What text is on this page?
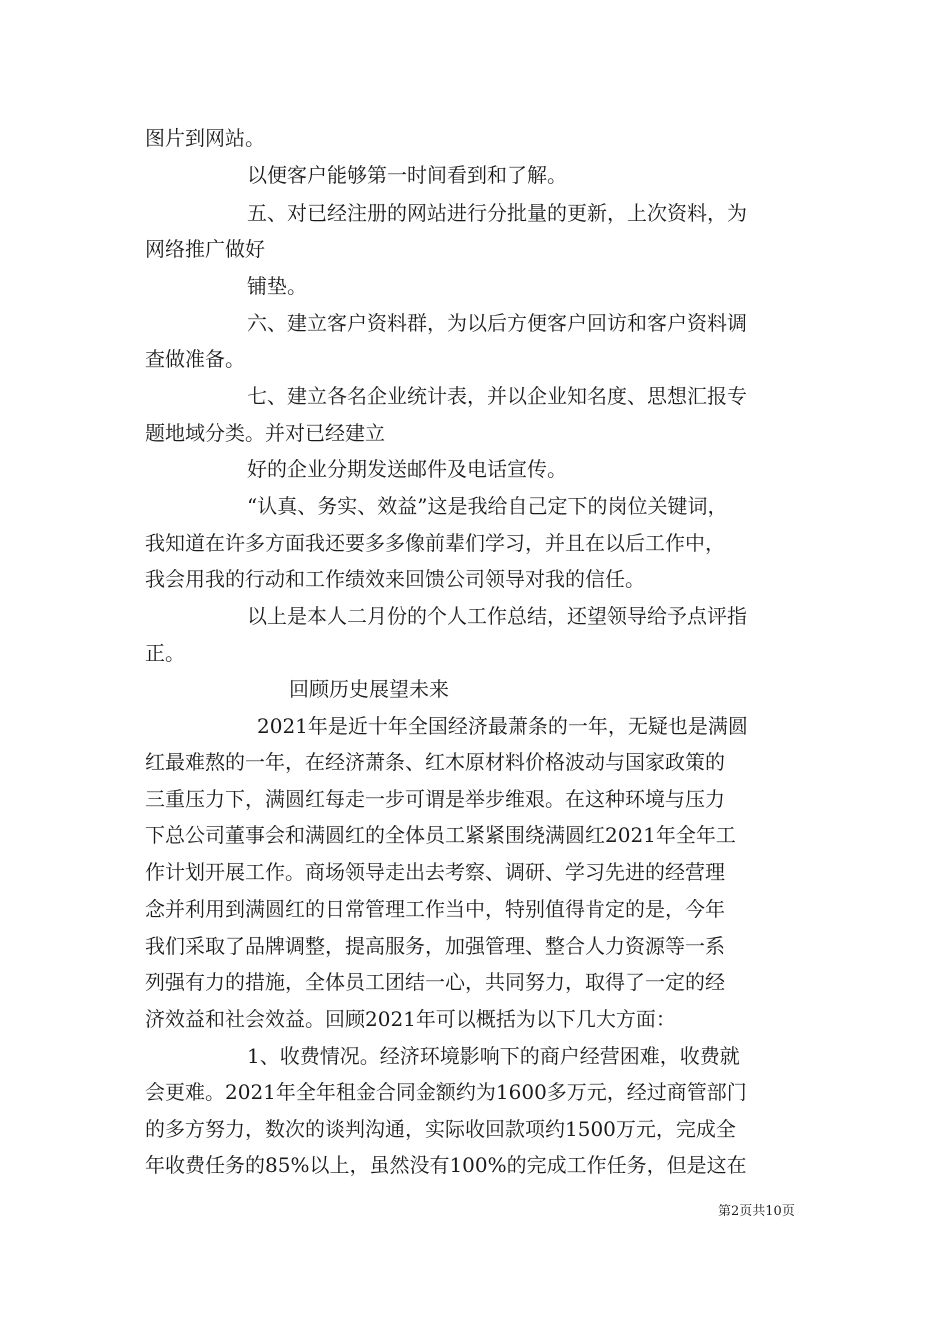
图片到网站。
以便客户能够第一时间看到和了解。
五、对已经注册的网站进行分批量的更新，上次资料，为
网络推广做好
铺垫。
六、建立客户资料群，为以后方便客户回访和客户资料调
查做准备。
七、建立各名企业统计表，并以企业知名度、思想汇报专
题地域分类。并对已经建立
好的企业分期发送邮件及电话宣传。
“认真、务实、效益”这是我给自己定下的岗位关键词，
我知道在许多方面我还要多多像前辈们学习，并且在以后工作中，
我会用我的行动和工作绩效来回馈公司领导对我的信任。
以上是本人二月份的个人工作总结，还望领导给予点评指
正。
回顾历史展望未来
2021年是近十年全国经济最萧条的一年，无疑也是满圆
红最难熬的一年，在经济萧条、红木原材料价格波动与国家政策的
三重压力下，满圆红每走一步可谓是举步维艰。在这种环境与压力
下总公司董事会和满圆红的全体员工紧紧围绕满圆红2021年全年工
作计划开展工作。商场领导走出去考察、调研、学习先进的经营理
念并利用到满圆红的日常管理工作当中，特别值得肯定的是，今年
我们采取了品牌调整，提高服务，加强管理、整合人力资源等一系
列强有力的措施，全体员工团结一心，共同努力，取得了一定的经
济效益和社会效益。回顾2021年可以概括为以下几大方面：
1、收费情况。经济环境影响下的商户经营困难，收费就
会更难。2021年全年租金合同金额约为1600多万元，经过商管部门
的多方努力，数次的谈判沟通，实际收回款项约1500万元，完成全
年收费任务的85%以上，虽然没有100%的完成工作任务，但是这在
第2页共10页
